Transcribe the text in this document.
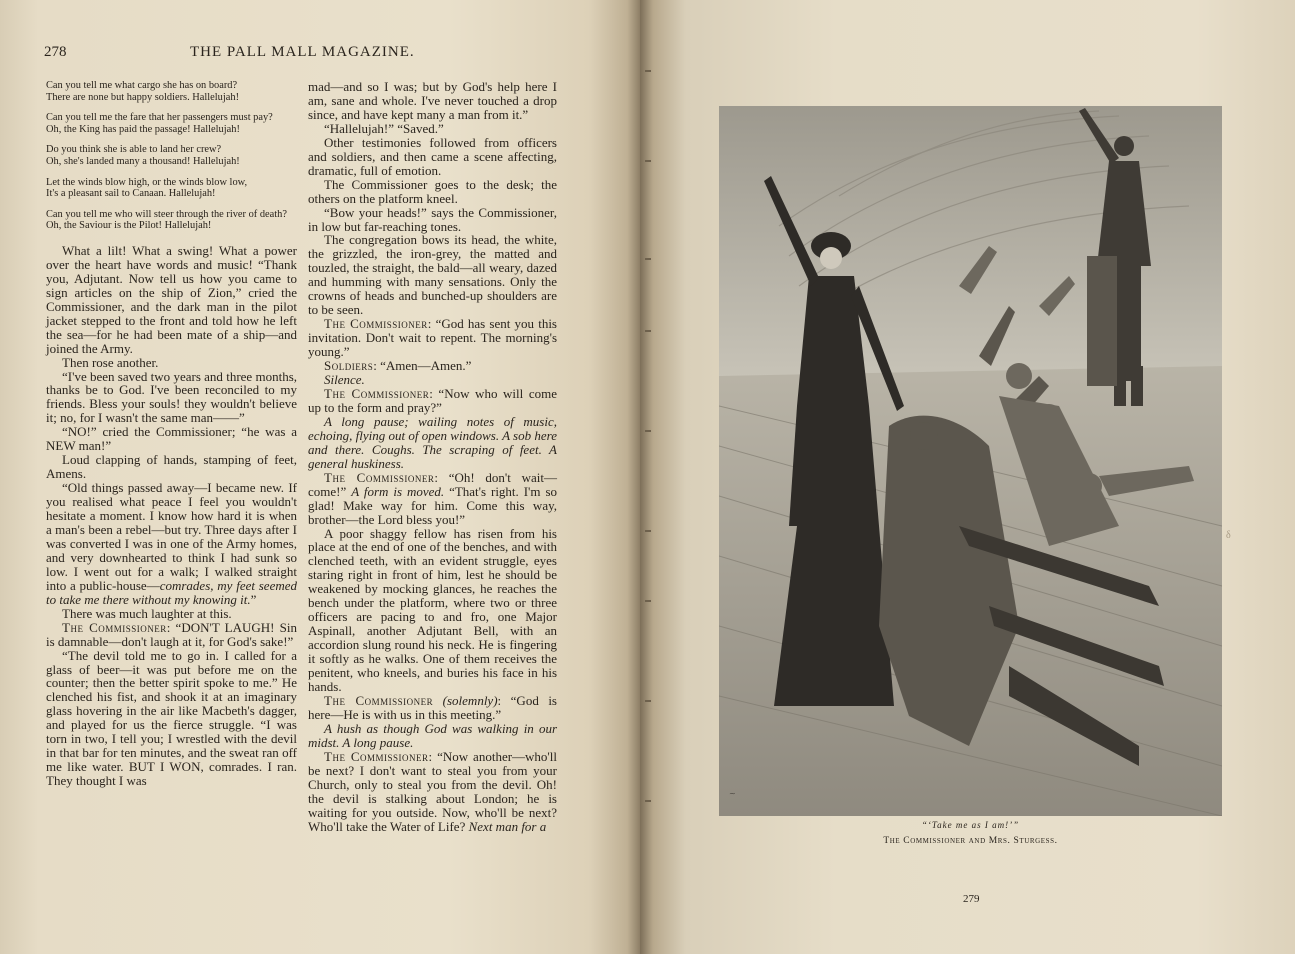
278	THE PALL MALL MAGAZINE.

Can you tell me what cargo she has on board?

There are none but happy soldiers. Hallelujah!

Can you tell me the fare that her passengers must pay?

Oh, the King has paid the passage! Hallelujah!

Do you think she is able to land her crew?

Oh, she's landed many a thousand! Hallelujah!

Let the winds blow high, or the winds blow low,

It's a pleasant sail to Canaan. Hallelujah!

Can you tell me who will steer through the river of death?

Oh, the Saviour is the Pilot! Hallelujah!

What a lilt! What a swing! What a power over the heart have words and music! “Thank you, Adjutant. Now tell us how you came to sign articles on the ship of Zion,” cried the Commissioner, and the dark man in the pilot jacket stepped to the front and told how he left the sea—for he had been mate of a ship—and joined the Army.

Then rose another.

“I've been saved two years and three months, thanks be to God. I've been reconciled to my friends. Bless your souls! they wouldn't believe it; no, for I wasn't the same man——”

“NO!” cried the Commissioner; “he was a NEW man!”

Loud clapping of hands, stamping of feet, Amens.

“Old things passed away—I became new. If you realised what peace I feel you wouldn't hesitate a moment. I know how hard it is when a man's been a rebel—but try. Three days after I was converted I was in one of the Army homes, and very downhearted to think I had sunk so low. I went out for a walk; I walked straight into a public-house—comrades, my feet seemed to take me there without my knowing it.”

There was much laughter at this.

The Commissioner: “DON'T LAUGH! Sin is damnable—don't laugh at it, for God's sake!”

“The devil told me to go in. I called for a glass of beer—it was put before me on the counter; then the better spirit spoke to me.” He clenched his fist, and shook it at an imaginary glass hovering in the air like Macbeth's dagger, and played for us the fierce struggle. “I was torn in two, I tell you; I wrestled with the devil in that bar for ten minutes, and the sweat ran off me like water. BUT I WON, comrades. I ran. They thought I was

mad—and so I was; but by God's help here I am, sane and whole. I've never touched a drop since, and have kept many a man from it.”

“Hallelujah!” “Saved.”

Other testimonies followed from officers and soldiers, and then came a scene affecting, dramatic, full of emotion.

The Commissioner goes to the desk; the others on the platform kneel.

“Bow your heads!” says the Commissioner, in low but far-reaching tones.

The congregation bows its head, the white, the grizzled, the iron-grey, the matted and touzled, the straight, the bald—all weary, dazed and humming with many sensations. Only the crowns of heads and bunched-up shoulders are to be seen.

The Commissioner: “God has sent you this invitation. Don't wait to repent. The morning's young.”

Soldiers: “Amen—Amen.”

Silence.

The Commissioner: “Now who will come up to the form and pray?”

A long pause; wailing notes of music, echoing, flying out of open windows. A sob here and there. Coughs. The scraping of feet. A general huskiness.

The Commissioner: “Oh! don't wait—come!” A form is moved. “That's right. I'm so glad! Make way for him. Come this way, brother—the Lord bless you!”

A poor shaggy fellow has risen from his place at the end of one of the benches, and with clenched teeth, with an evident struggle, eyes staring right in front of him, lest he should be weakened by mocking glances, he reaches the bench under the platform, where two or three officers are pacing to and fro, one Major Aspinall, another Adjutant Bell, with an accordion slung round his neck. He is fingering it softly as he walks. One of them receives the penitent, who kneels, and buries his face in his hands.

The Commissioner (solemnly): “God is here—He is with us in this meeting.”

A hush as though God was walking in our midst. A long pause.

The Commissioner: “Now another—who'll be next? I don't want to steal you from your Church, only to steal you from the devil. Oh! the devil is stalking about London; he is waiting for you outside. Now, who'll be next? Who'll take the Water of Life? Next man for a

~
“‘Take me as I am!’”
The Commissioner and Mrs. Sturgess.
279
δ
